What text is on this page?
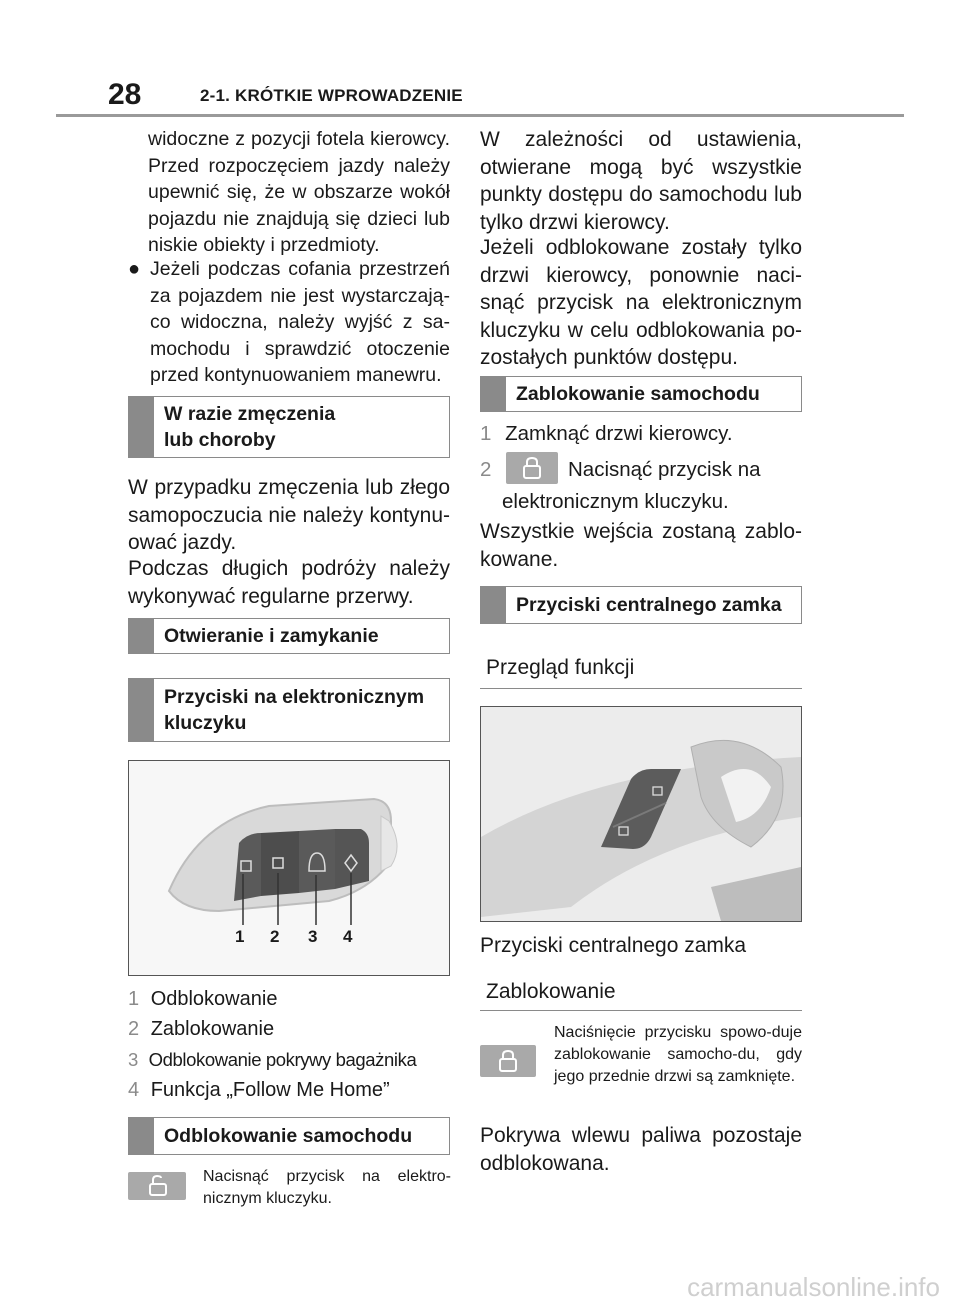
28	2-1. KRÓTKIE WPROWADZENIE
widoczne z pozycji fotela kierowcy. Przed rozpoczęciem jazdy należy upewnić się, że w obszarze wokół pojazdu nie znajdują się dzieci lub niskie obiekty i przedmioty.
● Jeżeli podczas cofania przestrzeń za pojazdem nie jest wystarczają-co widoczna, należy wyjść z sa-mochodu i sprawdzić otoczenie przed kontynuowaniem manewru.
W razie zmęczenia
lub choroby
W przypadku zmęczenia lub złego samopoczucia nie należy kontynu-ować jazdy.
Podczas długich podróży należy wykonywać regularne przerwy.
Otwieranie i zamykanie
Przyciski na elektronicznym
kluczyku
1 2 3 4
1 Odblokowanie
2 Zablokowanie
3 Odblokowanie pokrywy bagażnika
4 Funkcja „Follow Me Home”
Odblokowanie samochodu
Nacisnąć przycisk na elektro-nicznym kluczyku.
W zależności od ustawienia, otwierane mogą być wszystkie punkty dostępu do samochodu lub tylko drzwi kierowcy.
Jeżeli odblokowane zostały tylko drzwi kierowcy, ponownie naci-snąć przycisk na elektronicznym kluczyku w celu odblokowania po-zostałych punktów dostępu.
Zablokowanie samochodu
1 Zamknąć drzwi kierowcy.
2	Nacisnąć przycisk na
elektronicznym kluczyku.
Wszystkie wejścia zostaną zablo-kowane.
Przyciski centralnego zamka
Przegląd funkcji
Przyciski centralnego zamka
Zablokowanie
Naciśnięcie przycisku spowo-duje zablokowanie samocho-du, gdy jego przednie drzwi są zamknięte.
Pokrywa wlewu paliwa pozostaje odblokowana.
carmanualsonline.info
